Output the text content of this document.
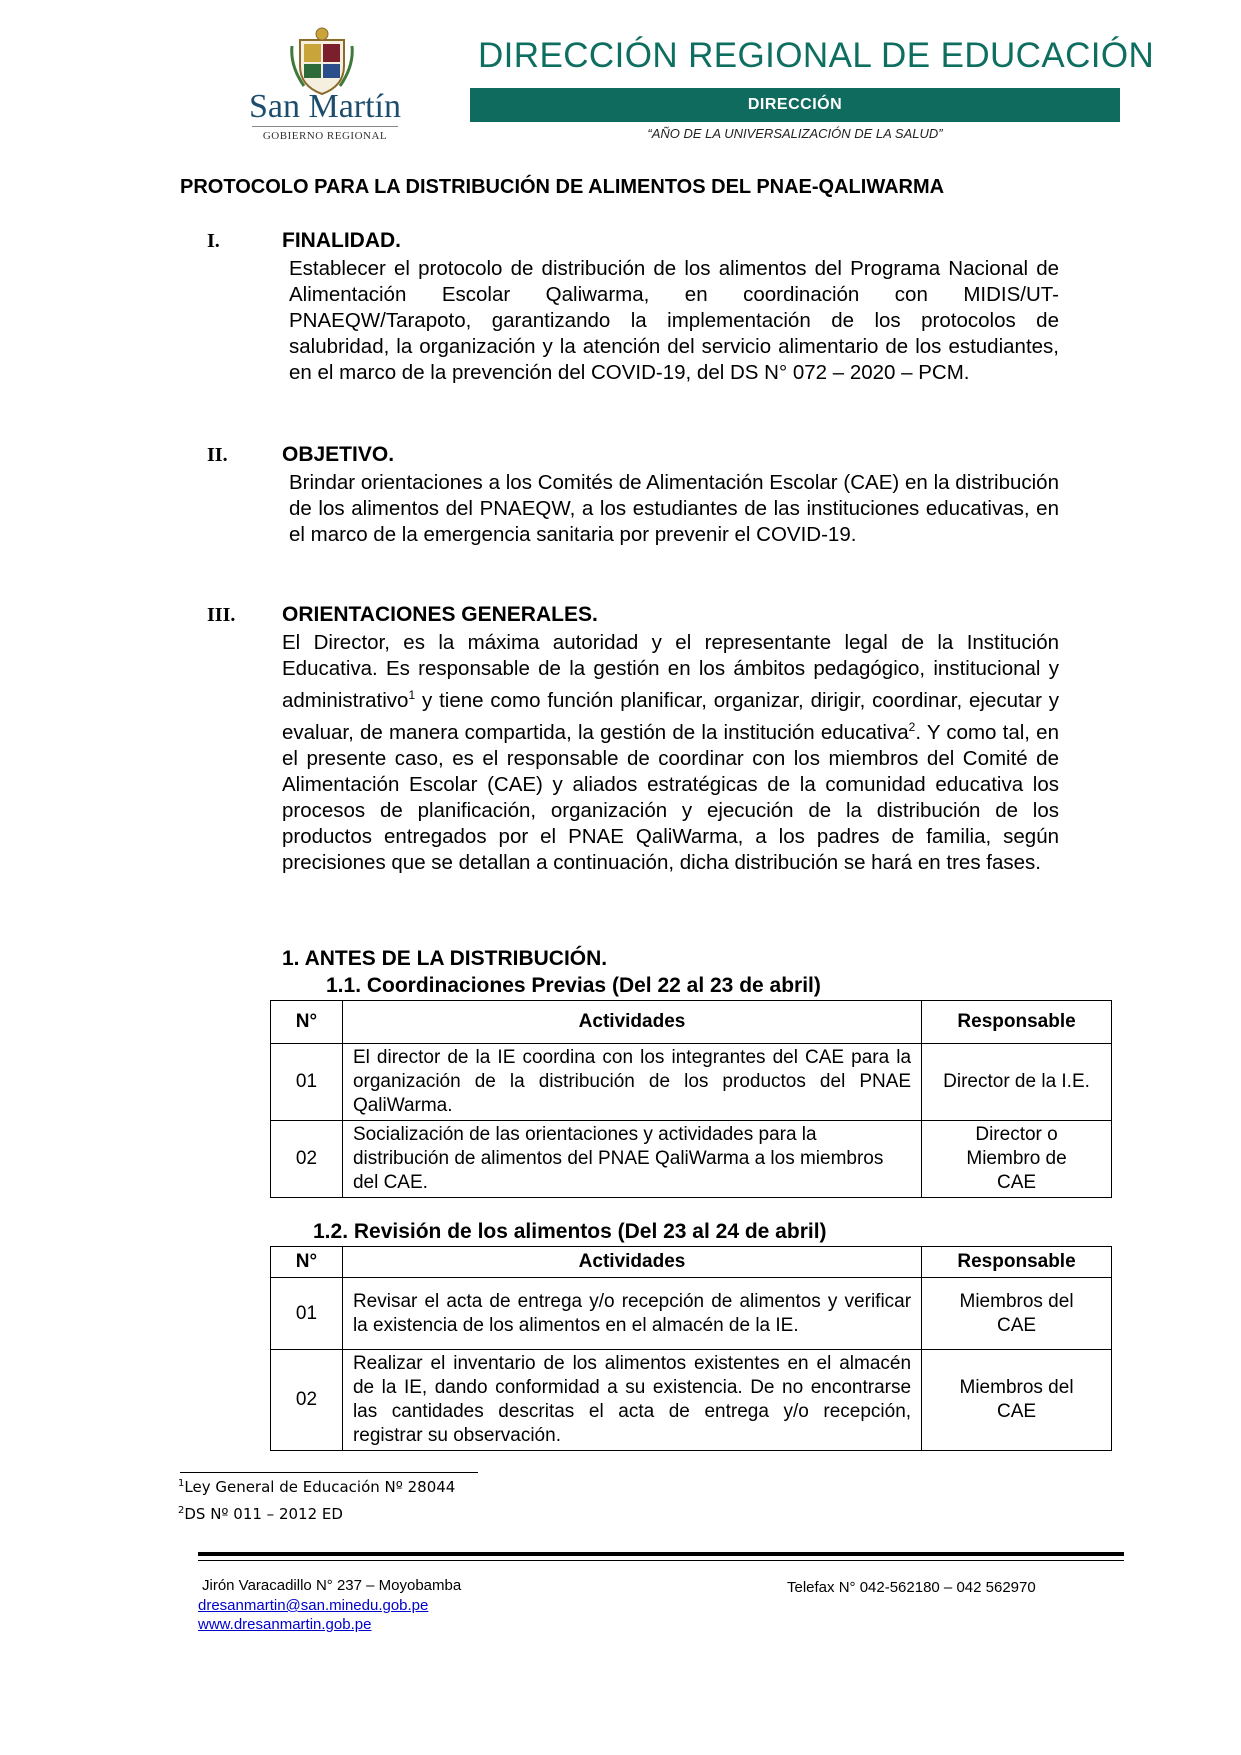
San Martín
GOBIERNO REGIONAL
DIRECCIÓN REGIONAL DE EDUCACIÓN
DIRECCIÓN
“AÑO DE LA UNIVERSALIZACIÓN DE LA SALUD”
PROTOCOLO PARA LA DISTRIBUCIÓN DE ALIMENTOS DEL PNAE-QALIWARMA
I.	FINALIDAD.
Establecer el protocolo de distribución de los alimentos del Programa Nacional de Alimentación Escolar Qaliwarma, en coordinación con MIDIS/UT-PNAEQW/Tarapoto, garantizando la implementación de los protocolos de salubridad, la organización y la atención del servicio alimentario de los estudiantes, en el marco de la prevención del COVID-19, del DS N° 072 – 2020 – PCM.
II.	OBJETIVO.
Brindar orientaciones a los Comités de Alimentación Escolar (CAE) en la distribución de los alimentos del PNAEQW, a los estudiantes de las instituciones educativas, en el marco de la emergencia sanitaria por prevenir el COVID-19.
III. ORIENTACIONES GENERALES.
El Director, es la máxima autoridad y el representante legal de la Institución Educativa. Es responsable de la gestión en los ámbitos pedagógico, institucional y administrativo$^1$ y tiene como función planificar, organizar, dirigir, coordinar, ejecutar y evaluar, de manera compartida, la gestión de la institución educativa$^2$. Y como tal, en el presente caso, es el responsable de coordinar con los miembros del Comité de Alimentación Escolar (CAE) y aliados estratégicas de la comunidad educativa los procesos de planificación, organización y ejecución de la distribución de los productos entregados por el PNAE QaliWarma, a los padres de familia, según precisiones que se detallan a continuación, dicha distribución se hará en tres fases.
1. ANTES DE LA DISTRIBUCIÓN.
1.1. Coordinaciones Previas (Del 22 al 23 de abril)
N°	Actividades	Responsable
01	El director de la IE coordina con los integrantes del CAE para la organización de la distribución de los productos del PNAE QaliWarma.	Director de la I.E.
02	Socialización de las orientaciones y actividades para la distribución de alimentos del PNAE QaliWarma a los miembros del CAE.	Director o Miembro de CAE
1.2. Revisión de los alimentos (Del 23 al 24 de abril)
N°	Actividades	Responsable
01	Revisar el acta de entrega y/o recepción de alimentos y verificar la existencia de los alimentos en el almacén de la IE.	Miembros del CAE
02	Realizar el inventario de los alimentos existentes en el almacén de la IE, dando conformidad a su existencia. De no encontrarse las cantidades descritas el acta de entrega y/o recepción, registrar su observación.	Miembros del CAE
$^1$Ley General de Educación Nº 28044
$^2$DS Nº 011 – 2012 ED
Jirón Varacadillo N° 237 – Moyobamba	Telefax N° 042-562180 – 042 562970
dresanmartin@san.minedu.gob.pe
www.dresanmartin.gob.pe
